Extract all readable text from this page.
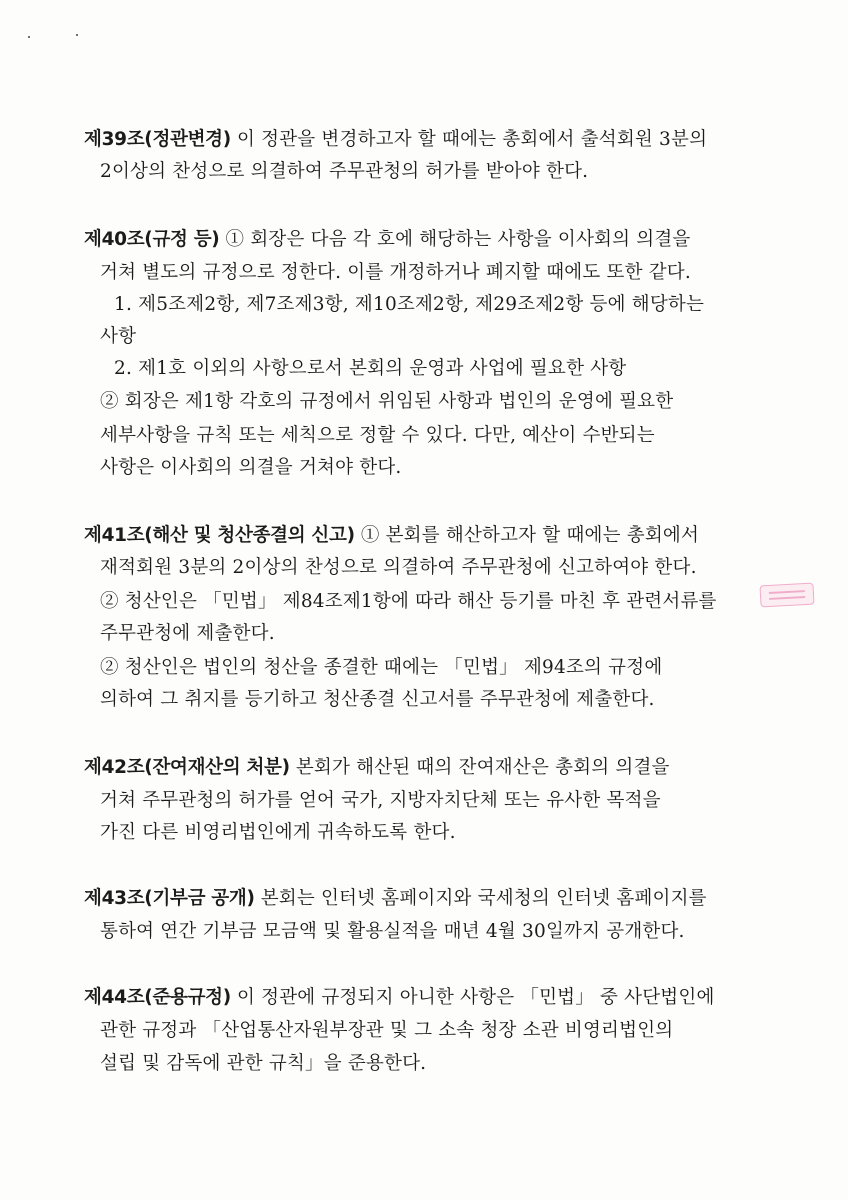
제39조(정관변경) 이 정관을 변경하고자 할 때에는 총회에서 출석회원 3분의
2이상의 찬성으로 의결하여 주무관청의 허가를 받아야 한다.
제40조(규정 등) ① 회장은 다음 각 호에 해당하는 사항을 이사회의 의결을
거쳐 별도의 규정으로 정한다. 이를 개정하거나 폐지할 때에도 또한 같다.
1. 제5조제2항, 제7조제3항, 제10조제2항, 제29조제2항 등에 해당하는
사항
2. 제1호 이외의 사항으로서 본회의 운영과 사업에 필요한 사항
② 회장은 제1항 각호의 규정에서 위임된 사항과 법인의 운영에 필요한
세부사항을 규칙 또는 세칙으로 정할 수 있다. 다만, 예산이 수반되는
사항은 이사회의 의결을 거쳐야 한다.
제41조(해산 및 청산종결의 신고) ① 본회를 해산하고자 할 때에는 총회에서
재적회원 3분의 2이상의 찬성으로 의결하여 주무관청에 신고하여야 한다.
② 청산인은 「민법」 제84조제1항에 따라 해산 등기를 마친 후 관련서류를
주무관청에 제출한다.
② 청산인은 법인의 청산을 종결한 때에는 「민법」 제94조의 규정에
의하여 그 취지를 등기하고 청산종결 신고서를 주무관청에 제출한다.
제42조(잔여재산의 처분) 본회가 해산된 때의 잔여재산은 총회의 의결을
거쳐 주무관청의 허가를 얻어 국가, 지방자치단체 또는 유사한 목적을
가진 다른 비영리법인에게 귀속하도록 한다.
제43조(기부금 공개) 본회는 인터넷 홈페이지와 국세청의 인터넷 홈페이지를
통하여 연간 기부금 모금액 및 활용실적을 매년 4월 30일까지 공개한다.
제44조(준용규정) 이 정관에 규정되지 아니한 사항은 「민법」 중 사단법인에
관한 규정과 「산업통산자원부장관 및 그 소속 청장 소관 비영리법인의
설립 및 감독에 관한 규칙」을 준용한다.
